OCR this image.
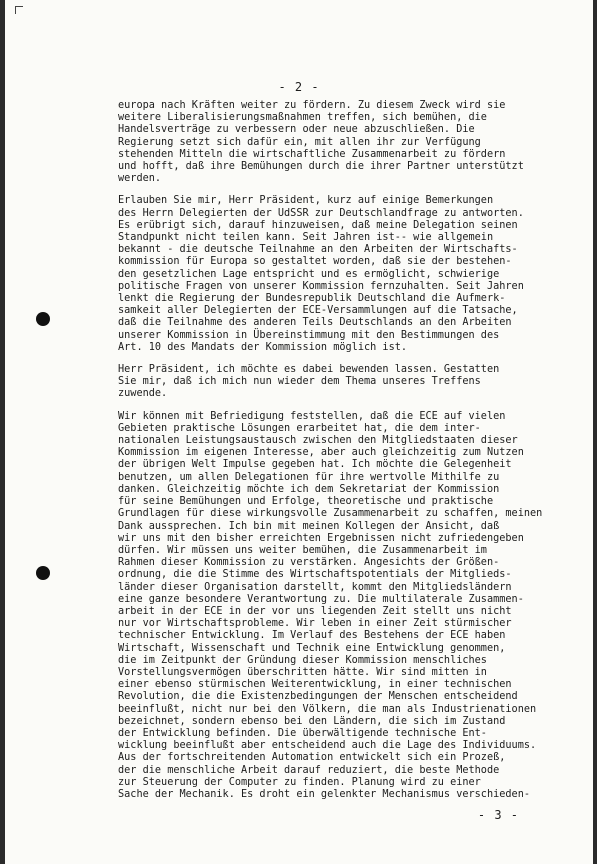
- 2 -
europa nach Kräften weiter zu fördern. Zu diesem Zweck wird sie
weitere Liberalisierungsmaßnahmen treffen, sich bemühen, die
Handelsverträge zu verbessern oder neue abzuschließen. Die
Regierung setzt sich dafür ein, mit allen ihr zur Verfügung
stehenden Mitteln die wirtschaftliche Zusammenarbeit zu fördern
und hofft, daß ihre Bemühungen durch die ihrer Partner unterstützt
werden.
Erlauben Sie mir, Herr Präsident, kurz auf einige Bemerkungen
des Herrn Delegierten der UdSSR zur Deutschlandfrage zu antworten.
Es erübrigt sich, darauf hinzuweisen, daß meine Delegation seinen
Standpunkt nicht teilen kann. Seit Jahren ist-- wie allgemein
bekannt - die deutsche Teilnahme an den Arbeiten der Wirtschafts-
kommission für Europa so gestaltet worden, daß sie der bestehen-
den gesetzlichen Lage entspricht und es ermöglicht, schwierige
politische Fragen von unserer Kommission fernzuhalten. Seit Jahren
lenkt die Regierung der Bundesrepublik Deutschland die Aufmerk-
samkeit aller Delegierten der ECE-Versammlungen auf die Tatsache,
daß die Teilnahme des anderen Teils Deutschlands an den Arbeiten
unserer Kommission in Übereinstimmung mit den Bestimmungen des
Art. 10 des Mandats der Kommission möglich ist.
Herr Präsident, ich möchte es dabei bewenden lassen. Gestatten
Sie mir, daß ich mich nun wieder dem Thema unseres Treffens
zuwende.
Wir können mit Befriedigung feststellen, daß die ECE auf vielen
Gebieten praktische Lösungen erarbeitet hat, die dem inter-
nationalen Leistungsaustausch zwischen den Mitgliedstaaten dieser
Kommission im eigenen Interesse, aber auch gleichzeitig zum Nutzen
der übrigen Welt Impulse gegeben hat. Ich möchte die Gelegenheit
benutzen, um allen Delegationen für ihre wertvolle Mithilfe zu
danken. Gleichzeitig möchte ich dem Sekretariat der Kommission
für seine Bemühungen und Erfolge, theoretische und praktische
Grundlagen für diese wirkungsvolle Zusammenarbeit zu schaffen, meinen
Dank aussprechen. Ich bin mit meinen Kollegen der Ansicht, daß
wir uns mit den bisher erreichten Ergebnissen nicht zufriedengeben
dürfen. Wir müssen uns weiter bemühen, die Zusammenarbeit im
Rahmen dieser Kommission zu verstärken. Angesichts der Größen-
ordnung, die die Stimme des Wirtschaftspotentials der Mitglieds-
länder dieser Organisation darstellt, kommt den Mitgliedsländern
eine ganze besondere Verantwortung zu. Die multilaterale Zusammen-
arbeit in der ECE in der vor uns liegenden Zeit stellt uns nicht
nur vor Wirtschaftsprobleme. Wir leben in einer Zeit stürmischer
technischer Entwicklung. Im Verlauf des Bestehens der ECE haben
Wirtschaft, Wissenschaft und Technik eine Entwicklung genommen,
die im Zeitpunkt der Gründung dieser Kommission menschliches
Vorstellungsvermögen überschritten hätte. Wir sind mitten in
einer ebenso stürmischen Weiterentwicklung, in einer technischen
Revolution, die die Existenzbedingungen der Menschen entscheidend
beeinflußt, nicht nur bei den Völkern, die man als Industrienationen
bezeichnet, sondern ebenso bei den Ländern, die sich im Zustand
der Entwicklung befinden. Die überwältigende technische Ent-
wicklung beeinflußt aber entscheidend auch die Lage des Individuums.
Aus der fortschreitenden Automation entwickelt sich ein Prozeß,
der die menschliche Arbeit darauf reduziert, die beste Methode
zur Steuerung der Computer zu finden. Planung wird zu einer
Sache der Mechanik. Es droht ein gelenkter Mechanismus verschieden-
- 3 -
